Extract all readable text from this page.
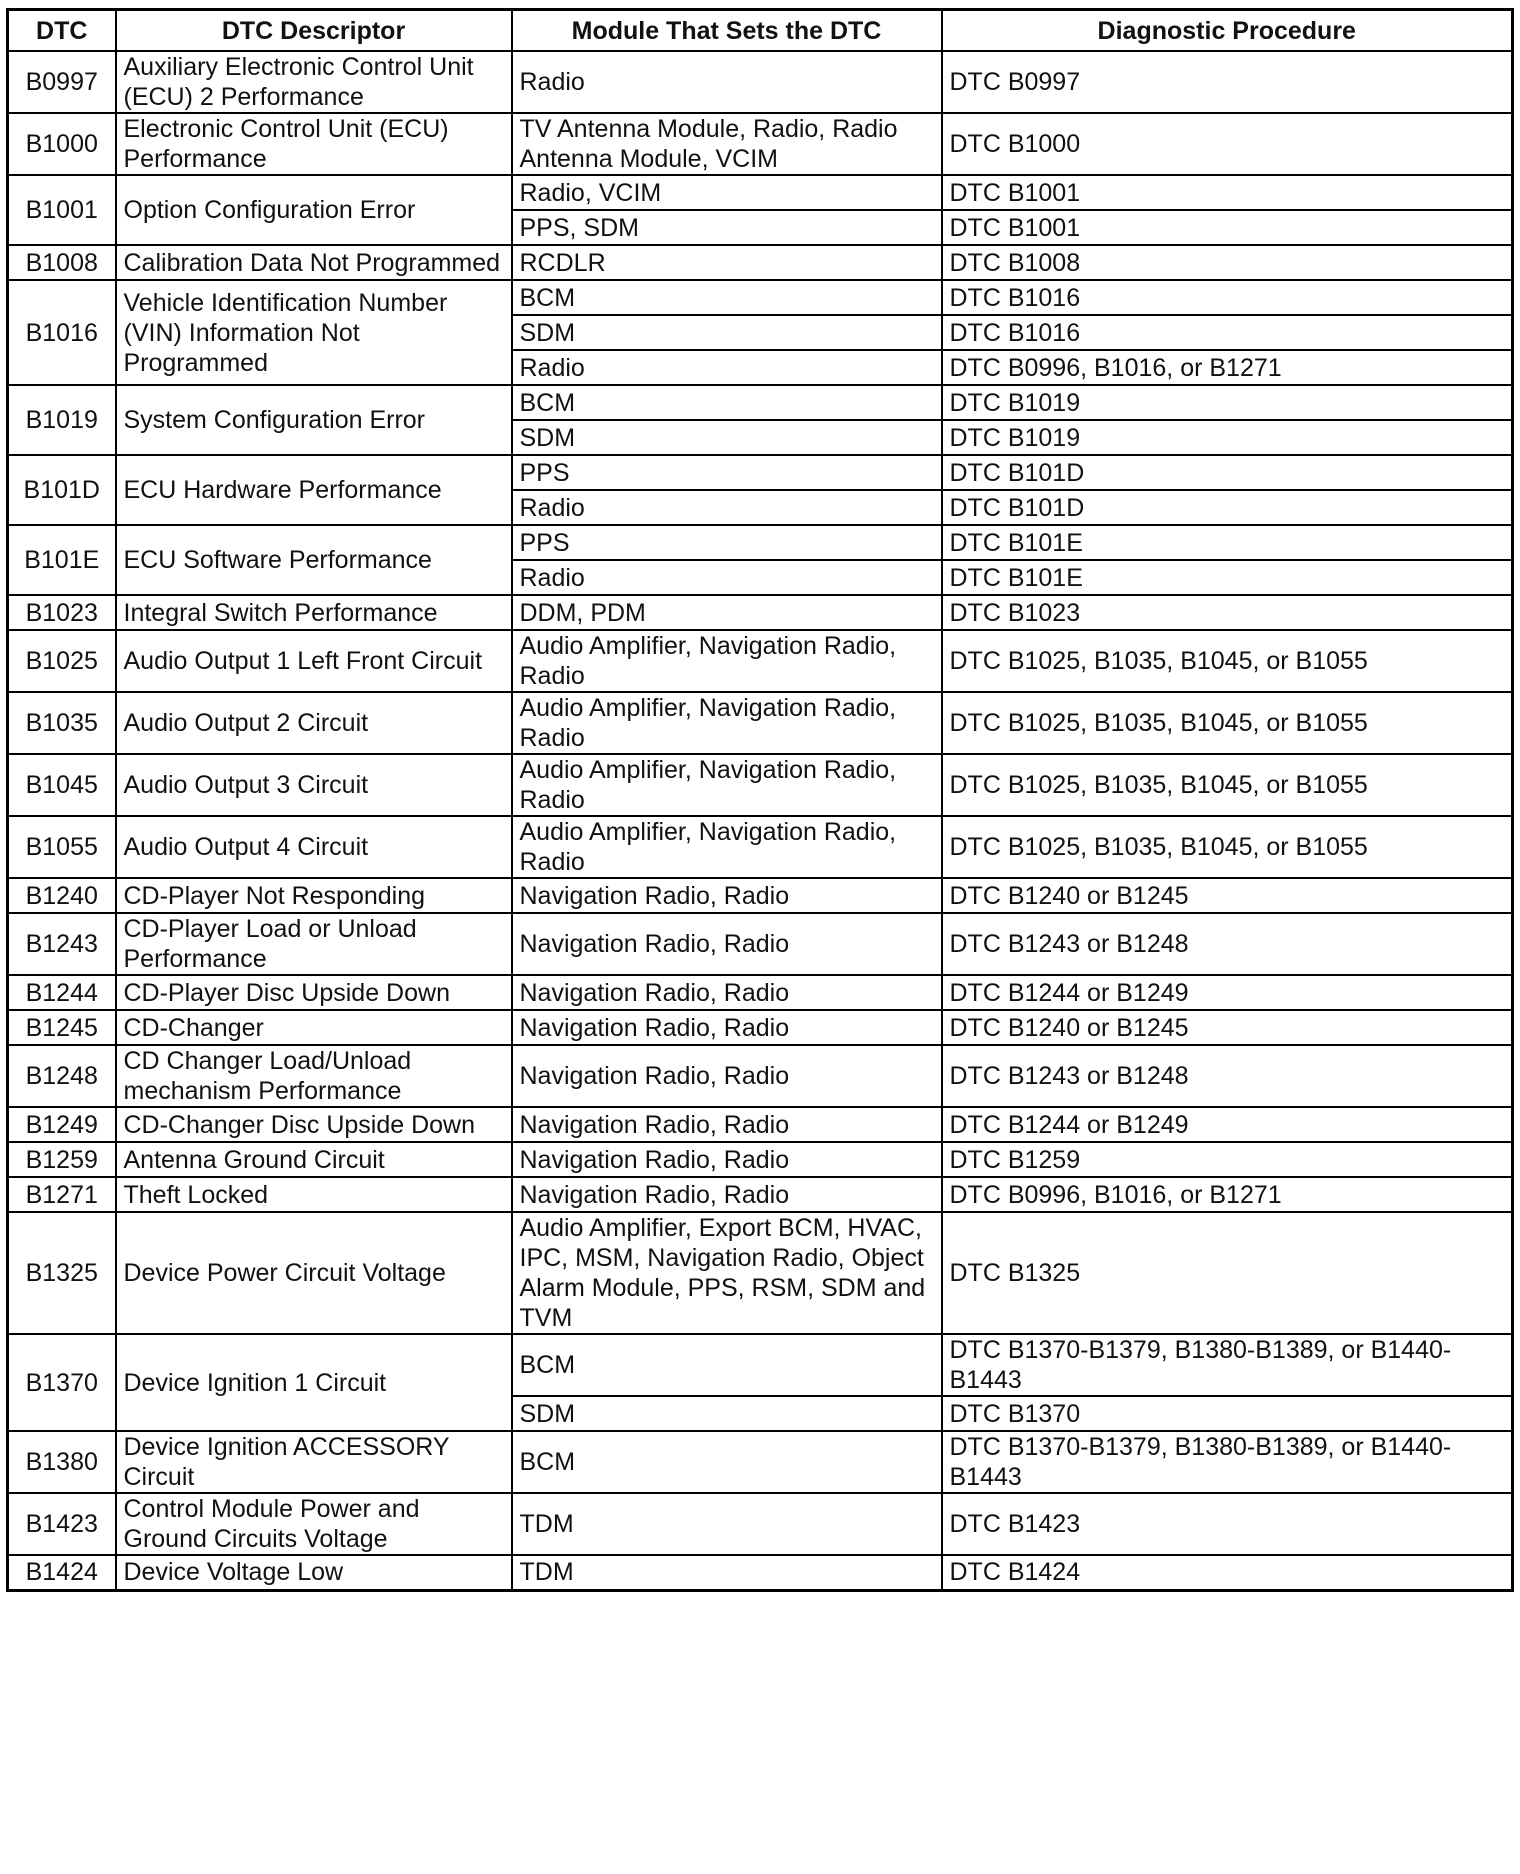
DTC	DTC Descriptor	Module That Sets the DTC	Diagnostic Procedure
B0997	Auxiliary Electronic Control Unit (ECU) 2 Performance	Radio	DTC B0997
B1000	Electronic Control Unit (ECU) Performance	TV Antenna Module, Radio, Radio Antenna Module, VCIM	DTC B1000
B1001	Option Configuration Error	Radio, VCIM	DTC B1001
		PPS, SDM	DTC B1001
B1008	Calibration Data Not Programmed	RCDLR	DTC B1008
B1016	Vehicle Identification Number (VIN) Information Not Programmed	BCM	DTC B1016
		SDM	DTC B1016
		Radio	DTC B0996, B1016, or B1271
B1019	System Configuration Error	BCM	DTC B1019
		SDM	DTC B1019
B101D	ECU Hardware Performance	PPS	DTC B101D
		Radio	DTC B101D
B101E	ECU Software Performance	PPS	DTC B101E
		Radio	DTC B101E
B1023	Integral Switch Performance	DDM, PDM	DTC B1023
B1025	Audio Output 1 Left Front Circuit	Audio Amplifier, Navigation Radio, Radio	DTC B1025, B1035, B1045, or B1055
B1035	Audio Output 2 Circuit	Audio Amplifier, Navigation Radio, Radio	DTC B1025, B1035, B1045, or B1055
B1045	Audio Output 3 Circuit	Audio Amplifier, Navigation Radio, Radio	DTC B1025, B1035, B1045, or B1055
B1055	Audio Output 4 Circuit	Audio Amplifier, Navigation Radio, Radio	DTC B1025, B1035, B1045, or B1055
B1240	CD-Player Not Responding	Navigation Radio, Radio	DTC B1240 or B1245
B1243	CD-Player Load or Unload Performance	Navigation Radio, Radio	DTC B1243 or B1248
B1244	CD-Player Disc Upside Down	Navigation Radio, Radio	DTC B1244 or B1249
B1245	CD-Changer	Navigation Radio, Radio	DTC B1240 or B1245
B1248	CD Changer Load/Unload mechanism Performance	Navigation Radio, Radio	DTC B1243 or B1248
B1249	CD-Changer Disc Upside Down	Navigation Radio, Radio	DTC B1244 or B1249
B1259	Antenna Ground Circuit	Navigation Radio, Radio	DTC B1259
B1271	Theft Locked	Navigation Radio, Radio	DTC B0996, B1016, or B1271
B1325	Device Power Circuit Voltage	Audio Amplifier, Export BCM, HVAC, IPC, MSM, Navigation Radio, Object Alarm Module, PPS, RSM, SDM and TVM	DTC B1325
B1370	Device Ignition 1 Circuit	BCM	DTC B1370-B1379, B1380-B1389, or B1440-B1443
		SDM	DTC B1370
B1380	Device Ignition ACCESSORY Circuit	BCM	DTC B1370-B1379, B1380-B1389, or B1440-B1443
B1423	Control Module Power and Ground Circuits Voltage	TDM	DTC B1423
B1424	Device Voltage Low	TDM	DTC B1424
